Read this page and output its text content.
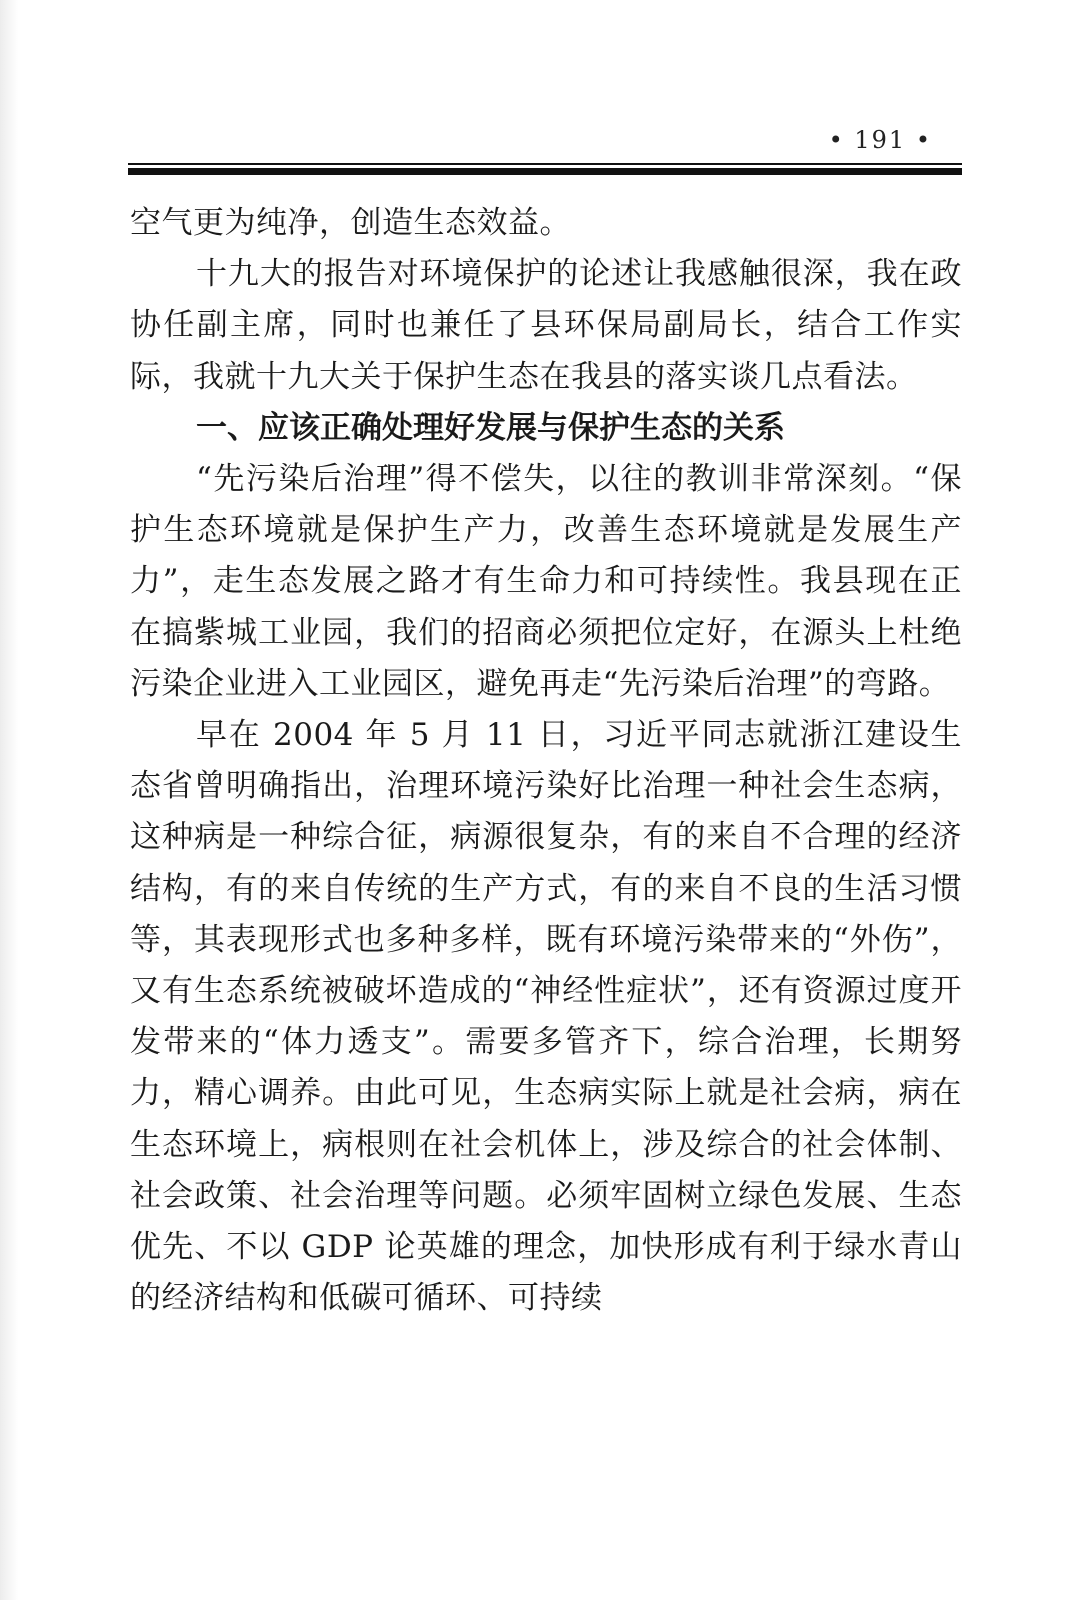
• 191 •

空气更为纯净，创造生态效益。

十九大的报告对环境保护的论述让我感触很深，我在政协任副主席，同时也兼任了县环保局副局长，结合工作实际，我就十九大关于保护生态在我县的落实谈几点看法。

一、应该正确处理好发展与保护生态的关系

“先污染后治理”得不偿失，以往的教训非常深刻。“保护生态环境就是保护生产力，改善生态环境就是发展生产力”，走生态发展之路才有生命力和可持续性。我县现在正在搞紫城工业园，我们的招商必须把位定好，在源头上杜绝污染企业进入工业园区，避免再走“先污染后治理”的弯路。

早在 2004 年 5 月 11 日，习近平同志就浙江建设生态省曾明确指出，治理环境污染好比治理一种社会生态病，这种病是一种综合征，病源很复杂，有的来自不合理的经济结构，有的来自传统的生产方式，有的来自不良的生活习惯等，其表现形式也多种多样，既有环境污染带来的“外伤”，又有生态系统被破坏造成的“神经性症状”，还有资源过度开发带来的“体力透支”。需要多管齐下，综合治理，长期努力，精心调养。由此可见，生态病实际上就是社会病，病在生态环境上，病根则在社会机体上，涉及综合的社会体制、社会政策、社会治理等问题。必须牢固树立绿色发展、生态优先、不以 GDP 论英雄的理念，加快形成有利于绿水青山的经济结构和低碳可循环、可持续
